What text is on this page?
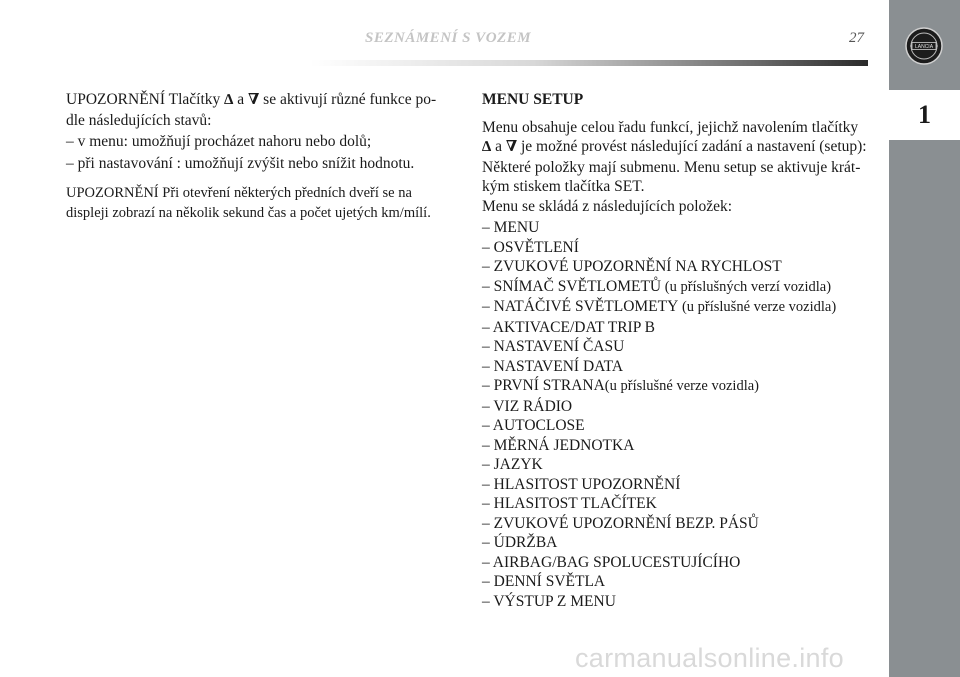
SEZNÁMENÍ S VOZEM	27
LANCIA
1
UPOZORNĚNÍ Tlačítky ∆ a ∇ se aktivují různé funkce po-
dle následujících stavů:
– v menu: umožňují procházet nahoru nebo dolů;
– při nastavování : umožňují zvýšit nebo snížit hodnotu.
UPOZORNĚNÍ Při otevření některých předních dveří se na
displeji zobrazí na několik sekund čas a počet ujetých km/mílí.
MENU SETUP
Menu obsahuje celou řadu funkcí, jejichž navolením tlačítky
∆ a ∇ je možné provést následující zadání a nastavení (setup):
Některé položky mají submenu. Menu setup se aktivuje krát-
kým stiskem tlačítka SET.
Menu se skládá z následujících položek:
– MENU
– OSVĚTLENÍ
– ZVUKOVÉ UPOZORNĚNÍ NA RYCHLOST
– SNÍMAČ SVĚTLOMETŮ (u příslušných verzí vozidla)
– NATÁČIVÉ SVĚTLOMETY (u příslušné verze vozidla)
– AKTIVACE/DAT TRIP B
– NASTAVENÍ ČASU
– NASTAVENÍ DATA
– PRVNÍ STRANA(u příslušné verze vozidla)
– VIZ RÁDIO
– AUTOCLOSE
– MĚRNÁ JEDNOTKA
– JAZYK
– HLASITOST UPOZORNĚNÍ
– HLASITOST TLAČÍTEK
– ZVUKOVÉ UPOZORNĚNÍ BEZP. PÁSŮ
– ÚDRŽBA
– AIRBAG/BAG SPOLUCESTUJÍCÍHO
– DENNÍ SVĚTLA
– VÝSTUP Z MENU
carmanualsonline.info
